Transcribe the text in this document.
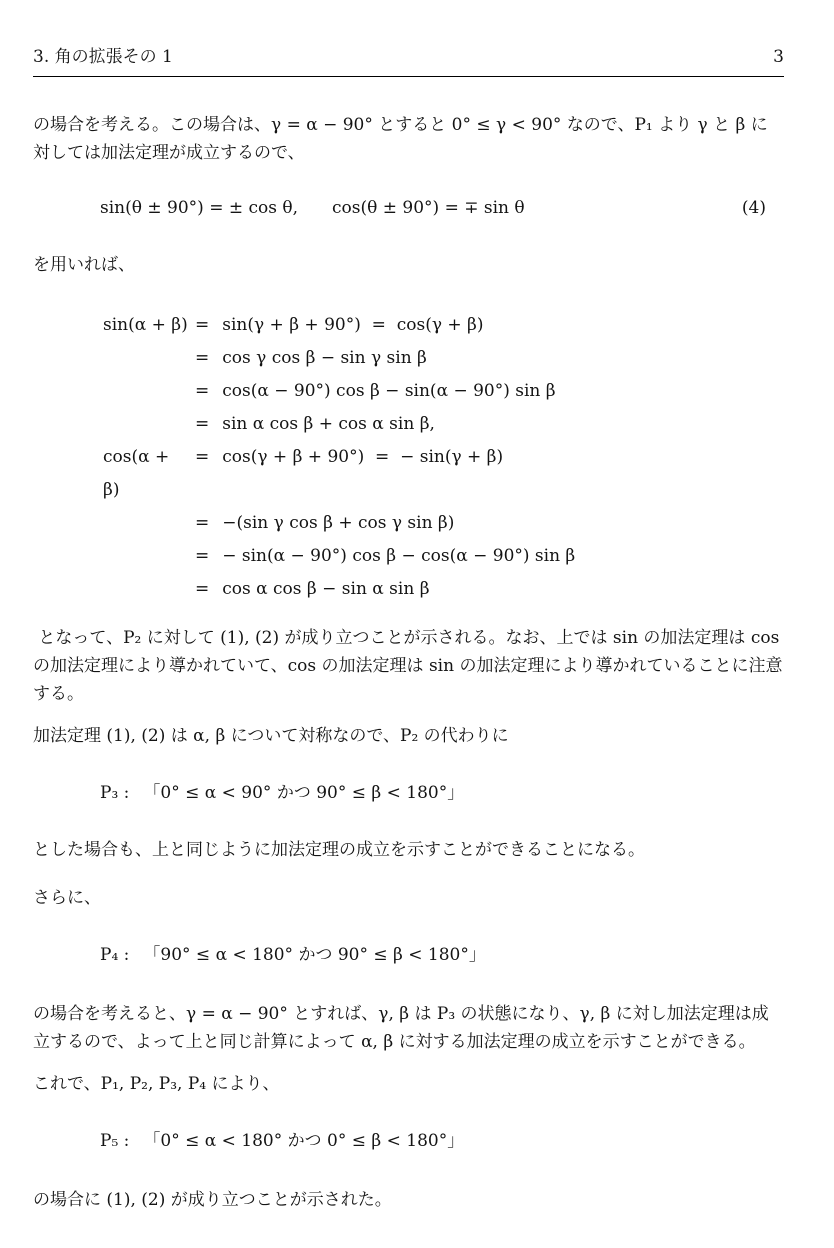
3. 角の拡張その 1	3

の場合を考える。この場合は、γ = α − 90° とすると 0° ≤ γ < 90° なので、P₁ より γ と β に対しては加法定理が成立するので、

sin(θ ± 90°) = ± cos θ,　　cos(θ ± 90°) = ∓ sin θ	(4)

を用いれば、

sin(α + β) = sin(γ + β + 90°)  =  cos(γ + β)
= cos γ cos β − sin γ sin β
= cos(α − 90°) cos β − sin(α − 90°) sin β
= sin α cos β + cos α sin β,
cos(α + β)
= cos(γ + β + 90°)  =  − sin(γ + β)
= −(sin γ cos β + cos γ sin β)
= − sin(α − 90°) cos β − cos(α − 90°) sin β
= cos α cos β − sin α sin β

となって、P₂ に対して (1), (2) が成り立つことが示される。なお、上では sin の加法定理は cos の加法定理により導かれていて、cos の加法定理は sin の加法定理により導かれていることに注意する。

加法定理 (1), (2) は α, β について対称なので、P₂ の代わりに

P₃ : 「0° ≤ α < 90° かつ 90° ≤ β < 180°」

とした場合も、上と同じように加法定理の成立を示すことができることになる。

さらに、

P₄ : 「90° ≤ α < 180° かつ 90° ≤ β < 180°」

の場合を考えると、γ = α − 90° とすれば、γ, β は P₃ の状態になり、γ, β に対し加法定理は成立するので、よって上と同じ計算によって α, β に対する加法定理の成立を示すことができる。

これで、P₁, P₂, P₃, P₄ により、

P₅ : 「0° ≤ α < 180° かつ 0° ≤ β < 180°」

の場合に (1), (2) が成り立つことが示された。
